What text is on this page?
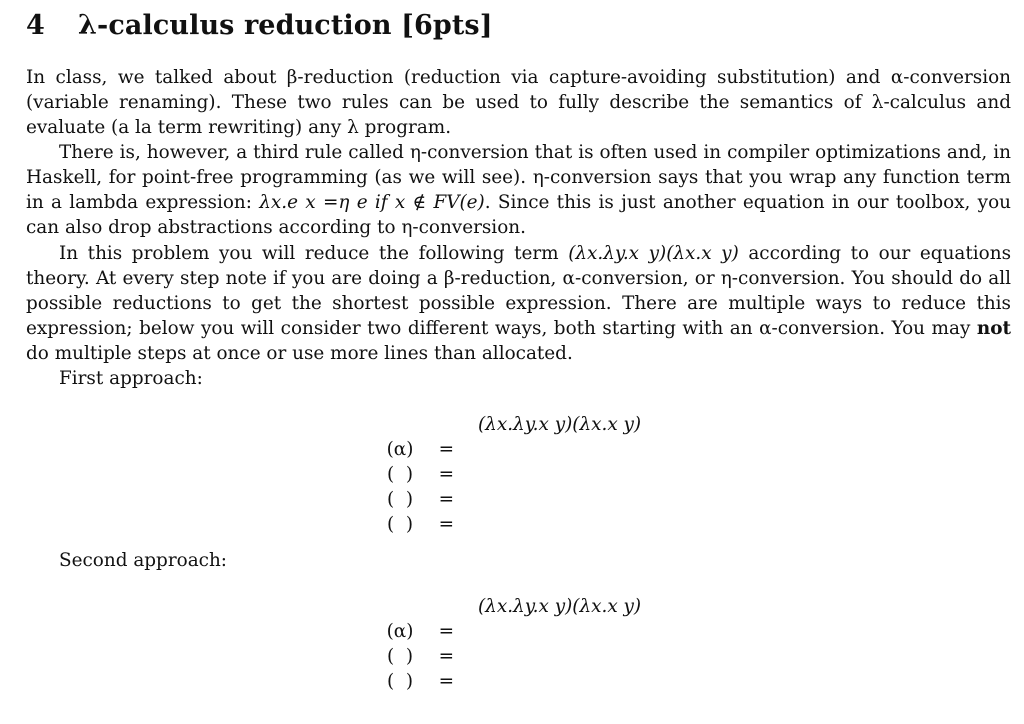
4 λ-calculus reduction [6pts]

In class, we talked about β-reduction (reduction via capture-avoiding substitution) and α-conversion (variable renaming). These two rules can be used to fully describe the semantics of λ-calculus and evaluate (a la term rewriting) any λ program.

There is, however, a third rule called η-conversion that is often used in compiler optimizations and, in Haskell, for point-free programming (as we will see). η-conversion says that you wrap any function term in a lambda expression: λx.e x =η e if x ∉ FV(e). Since this is just another equation in our toolbox, you can also drop abstractions according to η-conversion.

In this problem you will reduce the following term (λx.λy.x y)(λx.x y) according to our equations theory. At every step note if you are doing a β-reduction, α-conversion, or η-conversion. You should do all possible reductions to get the shortest possible expression. There are multiple ways to reduce this expression; below you will consider two different ways, both starting with an α-conversion. You may not do multiple steps at once or use more lines than allocated.

First approach:
(λx.λy.x y)(λx.x y)
(α) =
(  ) =
(  ) =
(  ) =
Second approach:
(λx.λy.x y)(λx.x y)
(α) =
(  ) =
(  ) =
